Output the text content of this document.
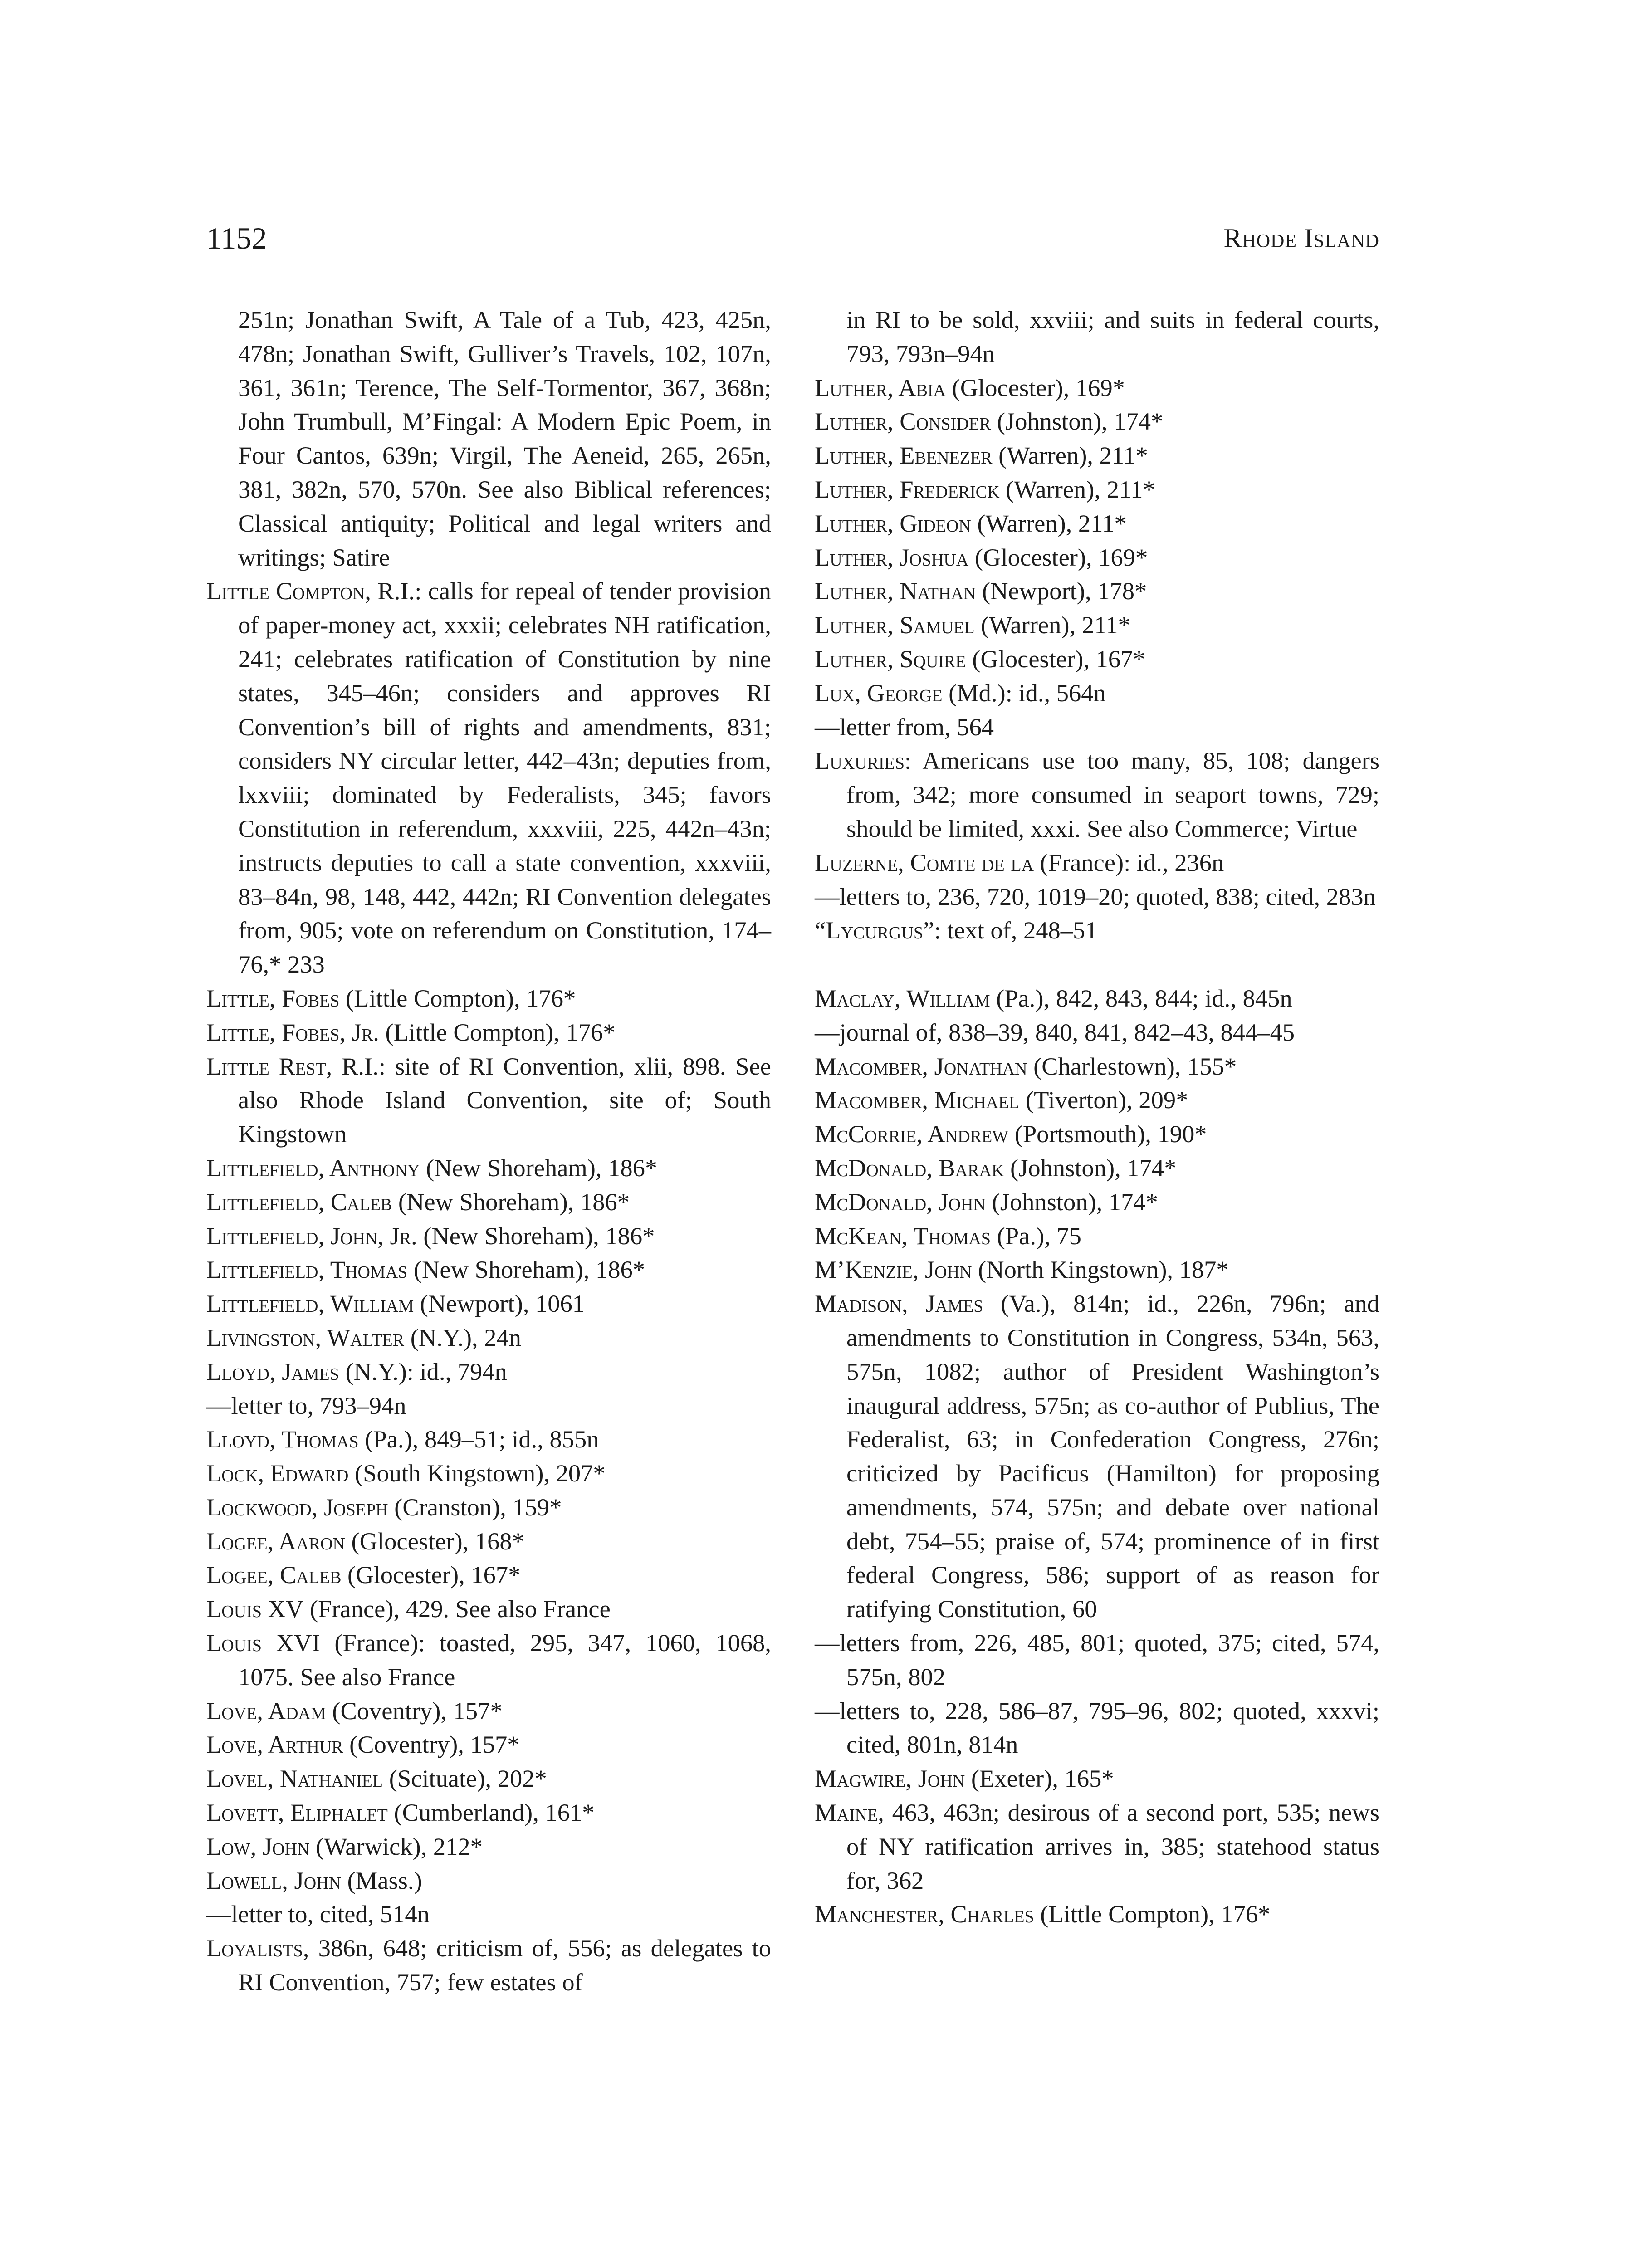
1152	Rhode Island

251n; Jonathan Swift, A Tale of a Tub, 423, 425n, 478n; Jonathan Swift, Gulliver’s Travels, 102, 107n, 361, 361n; Terence, The Self-Tormentor, 367, 368n; John Trumbull, M’Fingal: A Modern Epic Poem, in Four Cantos, 639n; Virgil, The Aeneid, 265, 265n, 381, 382n, 570, 570n. See also Biblical references; Classical antiquity; Political and legal writers and writings; Satire

Little Compton, R.I.: calls for repeal of tender provision of paper-money act, xxxii; celebrates NH ratification, 241; celebrates ratification of Constitution by nine states, 345–46n; considers and approves RI Convention’s bill of rights and amendments, 831; considers NY circular letter, 442–43n; deputies from, lxxviii; dominated by Federalists, 345; favors Constitution in referendum, xxxviii, 225, 442n–43n; instructs deputies to call a state convention, xxxviii, 83–84n, 98, 148, 442, 442n; RI Convention delegates from, 905; vote on referendum on Constitution, 174–76,* 233

Little, Fobes (Little Compton), 176*

Little, Fobes, Jr. (Little Compton), 176*

Little Rest, R.I.: site of RI Convention, xlii, 898. See also Rhode Island Convention, site of; South Kingstown

Littlefield, Anthony (New Shoreham), 186*

Littlefield, Caleb (New Shoreham), 186*

Littlefield, John, Jr. (New Shoreham), 186*

Littlefield, Thomas (New Shoreham), 186*

Littlefield, William (Newport), 1061

Livingston, Walter (N.Y.), 24n

Lloyd, James (N.Y.): id., 794n

—letter to, 793–94n

Lloyd, Thomas (Pa.), 849–51; id., 855n

Lock, Edward (South Kingstown), 207*

Lockwood, Joseph (Cranston), 159*

Logee, Aaron (Glocester), 168*

Logee, Caleb (Glocester), 167*

Louis XV (France), 429. See also France

Louis XVI (France): toasted, 295, 347, 1060, 1068, 1075. See also France

Love, Adam (Coventry), 157*

Love, Arthur (Coventry), 157*

Lovel, Nathaniel (Scituate), 202*

Lovett, Eliphalet (Cumberland), 161*

Low, John (Warwick), 212*

Lowell, John (Mass.)

—letter to, cited, 514n

Loyalists, 386n, 648; criticism of, 556; as delegates to RI Convention, 757; few estates of

in RI to be sold, xxviii; and suits in federal courts, 793, 793n–94n

Luther, Abia (Glocester), 169*

Luther, Consider (Johnston), 174*

Luther, Ebenezer (Warren), 211*

Luther, Frederick (Warren), 211*

Luther, Gideon (Warren), 211*

Luther, Joshua (Glocester), 169*

Luther, Nathan (Newport), 178*

Luther, Samuel (Warren), 211*

Luther, Squire (Glocester), 167*

Lux, George (Md.): id., 564n

—letter from, 564

Luxuries: Americans use too many, 85, 108; dangers from, 342; more consumed in seaport towns, 729; should be limited, xxxi. See also Commerce; Virtue

Luzerne, Comte de la (France): id., 236n

—letters to, 236, 720, 1019–20; quoted, 838; cited, 283n

“Lycurgus”: text of, 248–51

Maclay, William (Pa.), 842, 843, 844; id., 845n

—journal of, 838–39, 840, 841, 842–43, 844–45

Macomber, Jonathan (Charlestown), 155*

Macomber, Michael (Tiverton), 209*

McCorrie, Andrew (Portsmouth), 190*

McDonald, Barak (Johnston), 174*

McDonald, John (Johnston), 174*

McKean, Thomas (Pa.), 75

M’Kenzie, John (North Kingstown), 187*

Madison, James (Va.), 814n; id., 226n, 796n; and amendments to Constitution in Congress, 534n, 563, 575n, 1082; author of President Washington’s inaugural address, 575n; as co-author of Publius, The Federalist, 63; in Confederation Congress, 276n; criticized by Pacificus (Hamilton) for proposing amendments, 574, 575n; and debate over national debt, 754–55; praise of, 574; prominence of in first federal Congress, 586; support of as reason for ratifying Constitution, 60

—letters from, 226, 485, 801; quoted, 375; cited, 574, 575n, 802

—letters to, 228, 586–87, 795–96, 802; quoted, xxxvi; cited, 801n, 814n

Magwire, John (Exeter), 165*

Maine, 463, 463n; desirous of a second port, 535; news of NY ratification arrives in, 385; statehood status for, 362

Manchester, Charles (Little Compton), 176*
